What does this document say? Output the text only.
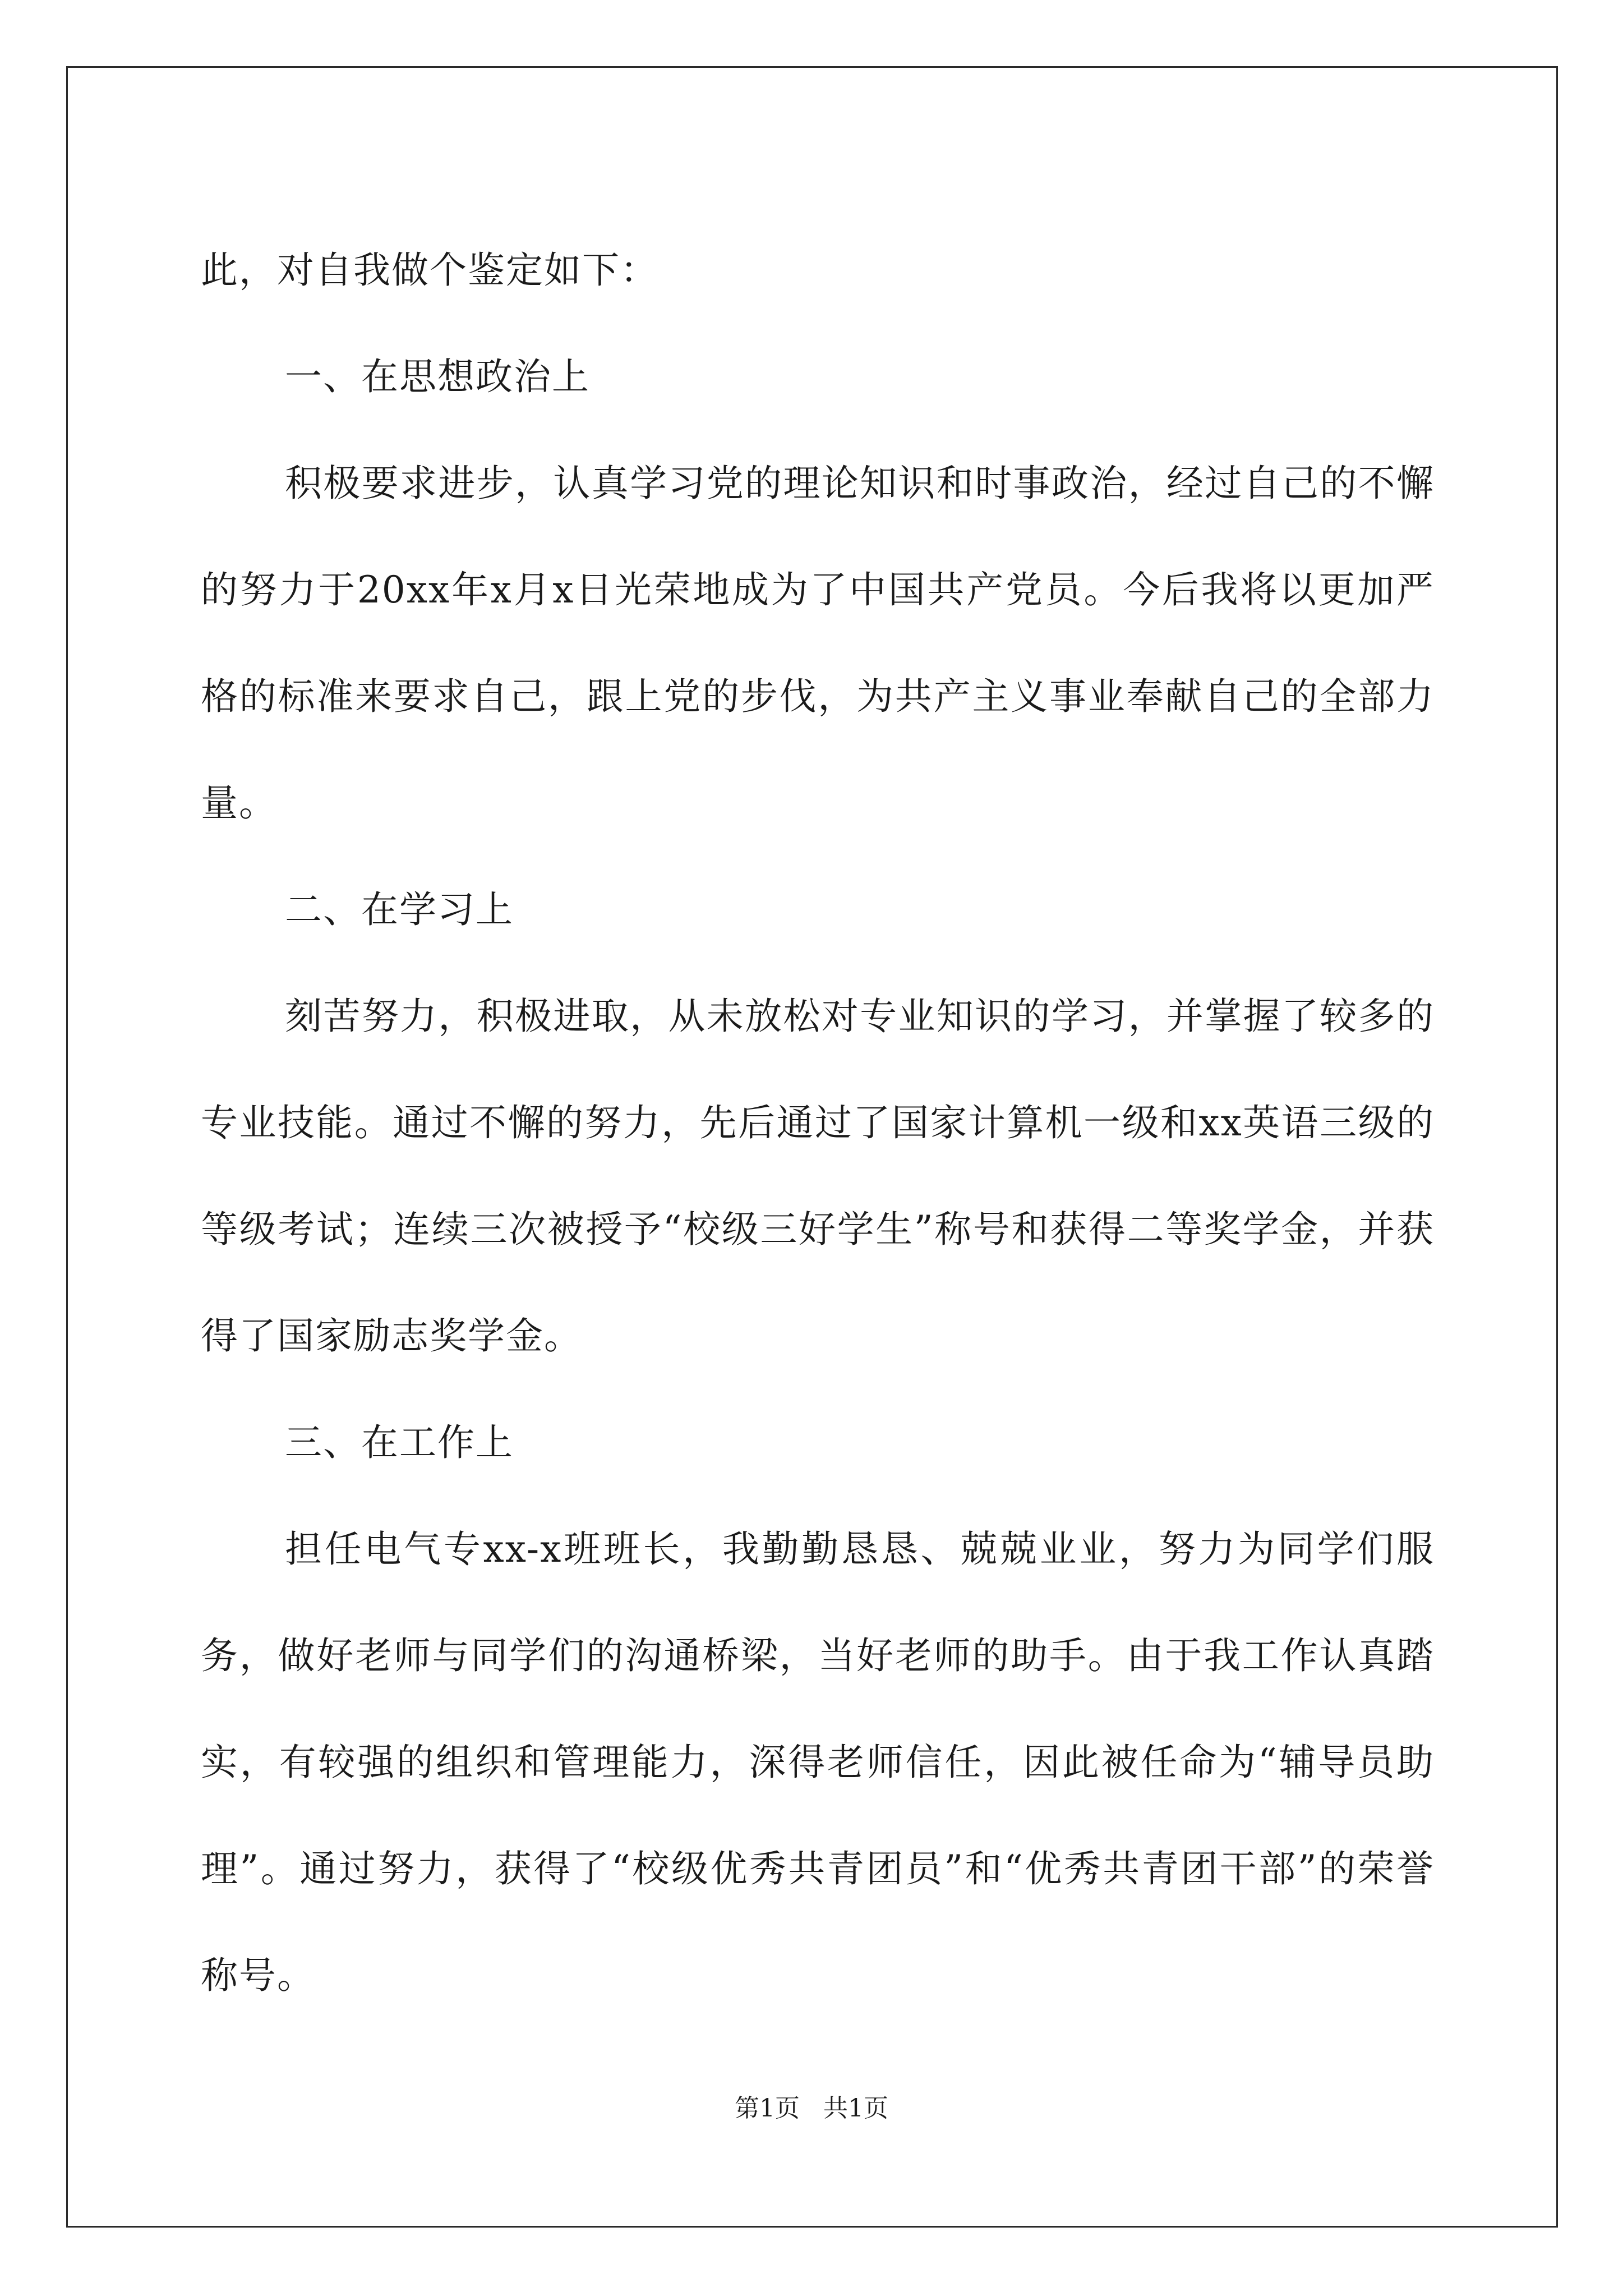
此，对自我做个鉴定如下：

一、在思想政治上

积极要求进步，认真学习党的理论知识和时事政治，经过自己的不懈的努力于20xx年x月x日光荣地成为了中国共产党员。今后我将以更加严格的标准来要求自己，跟上党的步伐，为共产主义事业奉献自己的全部力量。

二、在学习上

刻苦努力，积极进取，从未放松对专业知识的学习，并掌握了较多的专业技能。通过不懈的努力，先后通过了国家计算机一级和xx英语三级的等级考试；连续三次被授予“校级三好学生”称号和获得二等奖学金，并获得了国家励志奖学金。

三、在工作上

担任电气专xx-x班班长，我勤勤恳恳、兢兢业业，努力为同学们服务，做好老师与同学们的沟通桥梁，当好老师的助手。由于我工作认真踏实，有较强的组织和管理能力，深得老师信任，因此被任命为“辅导员助理”。通过努力，获得了“校级优秀共青团员”和“优秀共青团干部”的荣誉称号。

第1页   共1页
